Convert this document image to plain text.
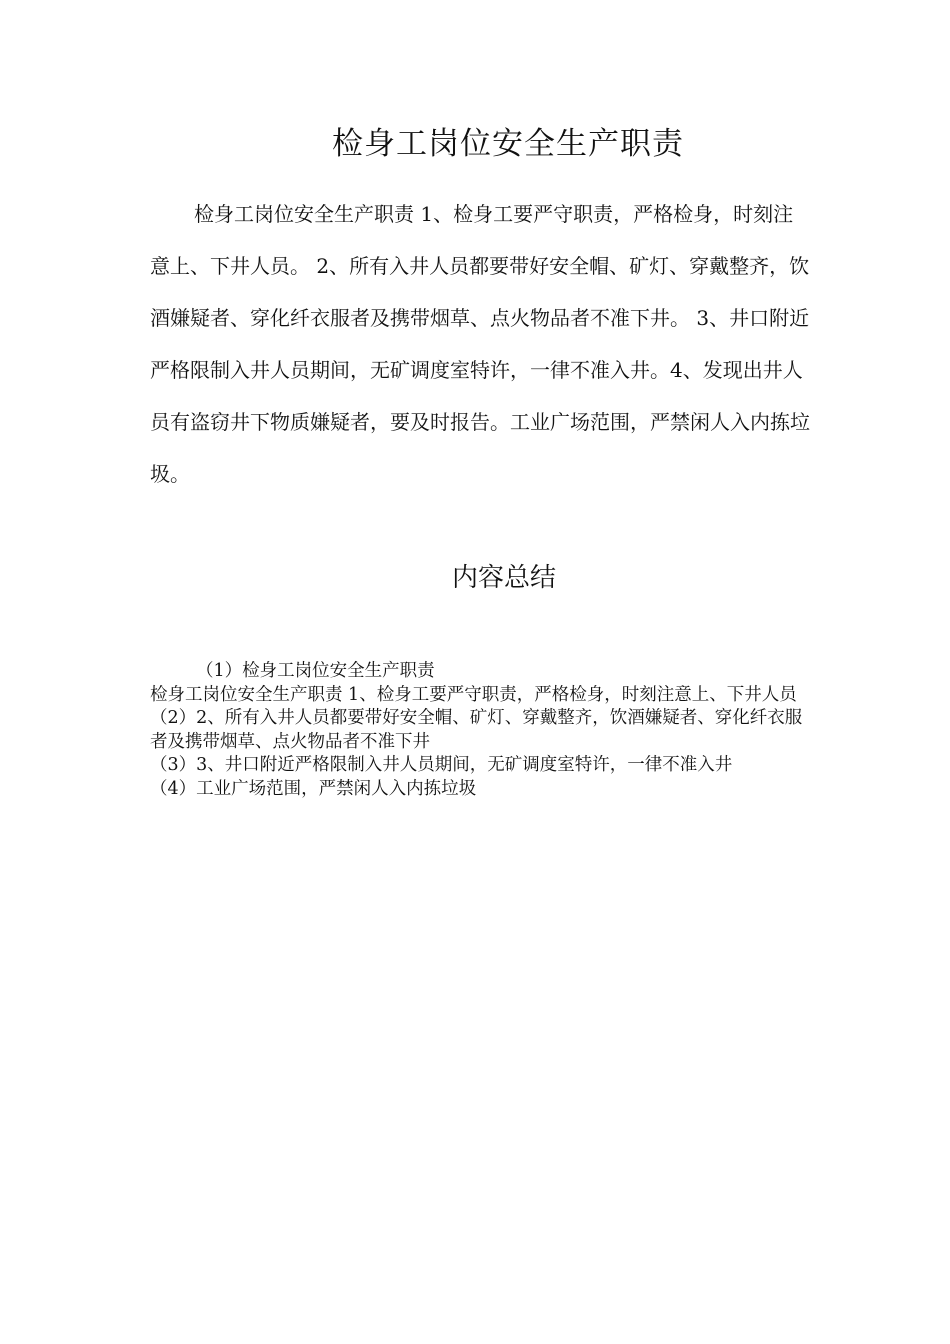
检身工岗位安全生产职责

检身工岗位安全生产职责 1、检身工要严守职责，严格检身，时刻注意上、下井人员。 2、所有入井人员都要带好安全帽、矿灯、穿戴整齐，饮酒嫌疑者、穿化纤衣服者及携带烟草、点火物品者不准下井。 3、井口附近严格限制入井人员期间，无矿调度室特许，一律不准入井。4、发现出井人员有盗窃井下物质嫌疑者，要及时报告。工业广场范围，严禁闲人入内拣垃圾。

内容总结
（1）检身工岗位安全生产职责
检身工岗位安全生产职责 1、检身工要严守职责，严格检身，时刻注意上、下井人员
（2）2、所有入井人员都要带好安全帽、矿灯、穿戴整齐，饮酒嫌疑者、穿化纤衣服者及携带烟草、点火物品者不准下井
（3）3、井口附近严格限制入井人员期间，无矿调度室特许，一律不准入井
（4）工业广场范围，严禁闲人入内拣垃圾
